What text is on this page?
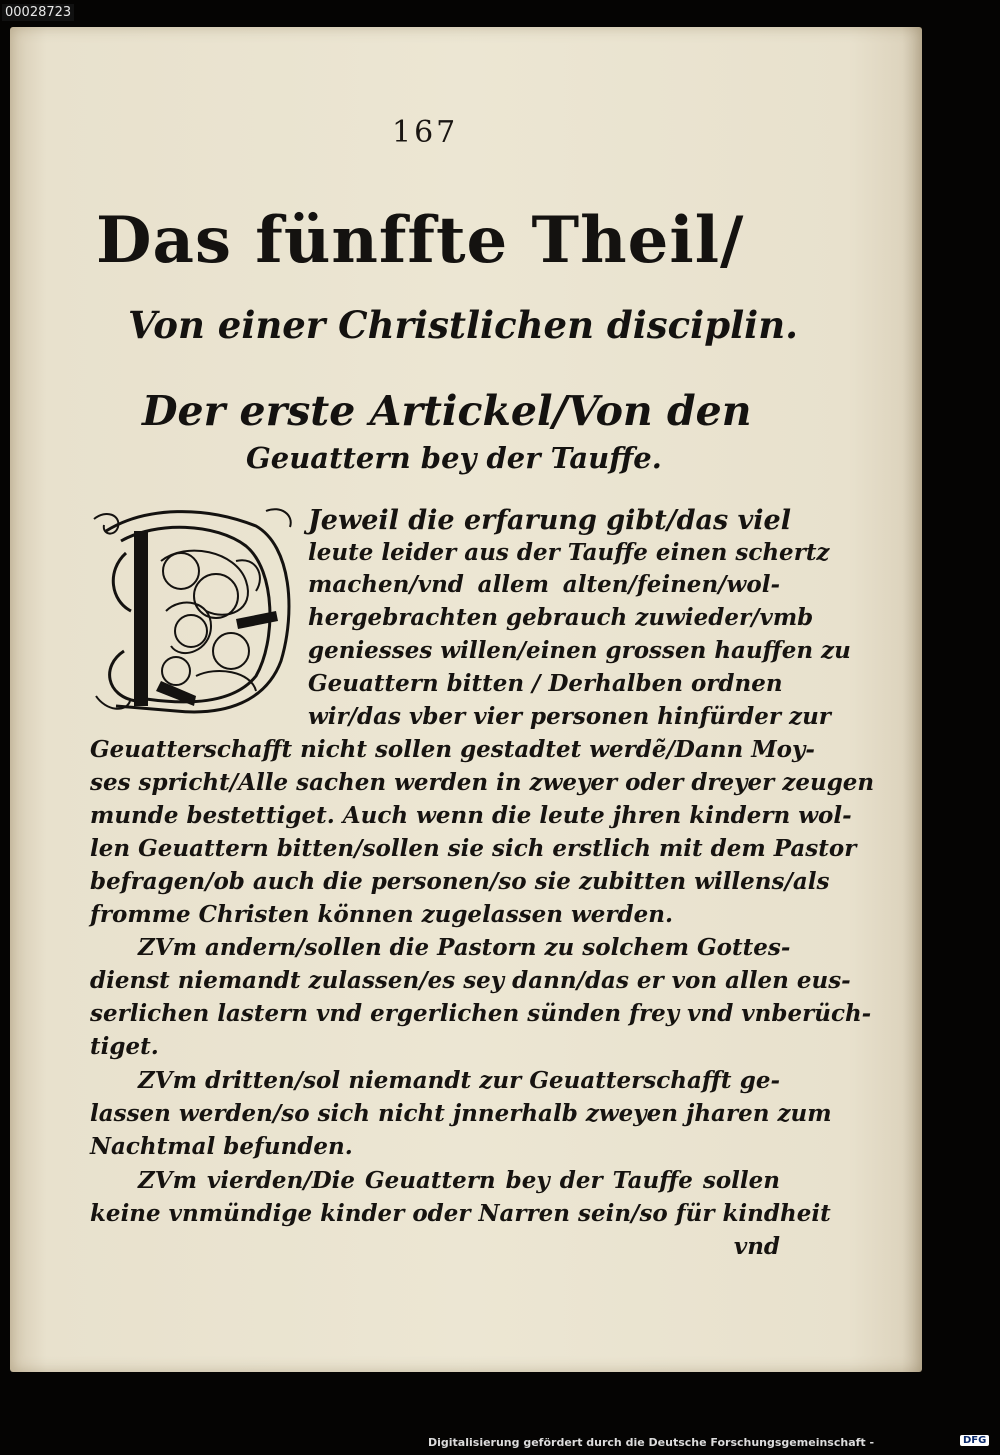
00028723
167
Das fünffte Theil/
Von einer Christlichen disciplin.
Der erste Artickel/Von den
Geuattern bey der Tauffe.
Jeweil die erfarung gibt/das viel
leute leider aus der Tauffe einen schertz
machen/vnd allem alten/feinen/wol-
hergebrachten gebrauch zuwieder/vmb
geniesses willen/einen grossen hauffen zu
Geuattern bitten / Derhalben ordnen
wir/das vber vier personen hinfürder zur
Geuatterschafft nicht sollen gestadtet werdẽ/Dann Moy-
ses spricht/Alle sachen werden in zweyer oder dreyer zeugen
munde bestettiget. Auch wenn die leute jhren kindern wol-
len Geuattern bitten/sollen sie sich erstlich mit dem Pastor
befragen/ob auch die personen/so sie zubitten willens/als
fromme Christen können zugelassen werden.
ZVm andern/sollen die Pastorn zu solchem Gottes-
dienst niemandt zulassen/es sey dann/das er von allen eus-
serlichen lastern vnd ergerlichen sünden frey vnd vnberüch-
tiget.
ZVm dritten/sol niemandt zur Geuatterschafft ge-
lassen werden/so sich nicht jnnerhalb zweyen jharen zum
Nachtmal befunden.
ZVm vierden/Die Geuattern bey der Tauffe sollen
keine vnmündige kinder oder Narren sein/so für kindheit
vnd
Digitalisierung gefördert durch die Deutsche Forschungsgemeinschaft -	DFG
